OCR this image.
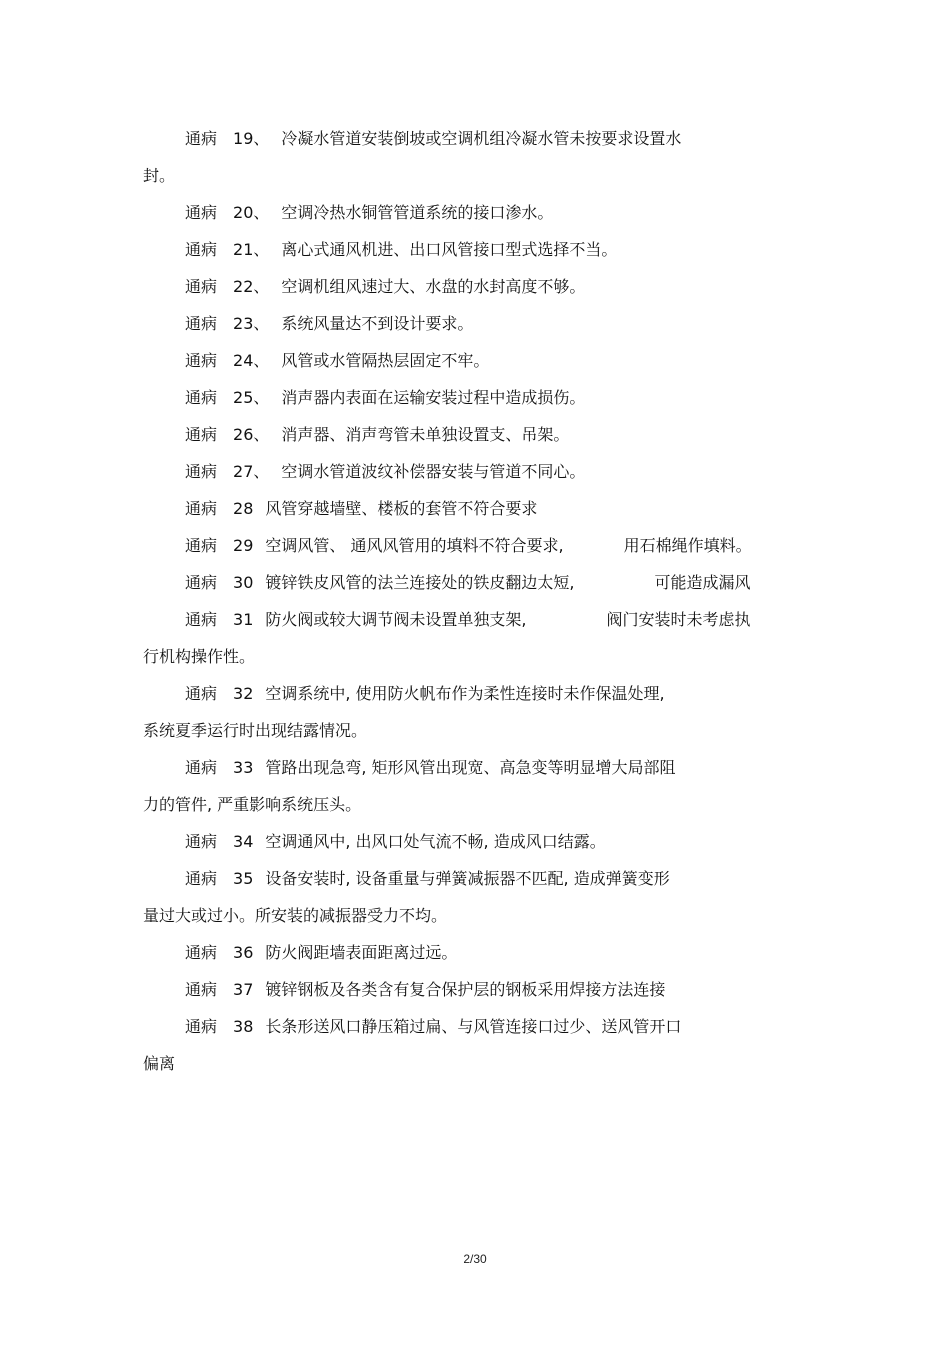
通病 19、 冷凝水管道安装倒坡或空调机组冷凝水管未按要求设置水
封。
通病 20、 空调冷热水铜管管道系统的接口渗水。
通病 21、 离心式通风机进、出口风管接口型式选择不当。
通病 22、 空调机组风速过大、水盘的水封高度不够。
通病 23、 系统风量达不到设计要求。
通病 24、 风管或水管隔热层固定不牢。
通病 25、 消声器内表面在运输安装过程中造成损伤。
通病 26、 消声器、消声弯管未单独设置支、吊架。
通病 27、 空调水管道波纹补偿器安装与管道不同心。
通病 28 风管穿越墙壁、楼板的套管不符合要求
通病 29 空调风管、 通风风管用的填料不符合要求,	用石棉绳作填料。
通病 30 镀锌铁皮风管的法兰连接处的铁皮翻边太短,	可能造成漏风
通病 31 防火阀或较大调节阀未设置单独支架,	阀门安装时未考虑执
行机构操作性。
通病 32 空调系统中, 使用防火帆布作为柔性连接时未作保温处理,
系统夏季运行时出现结露情况。
通病 33 管路出现急弯, 矩形风管出现宽、高急变等明显增大局部阻
力的管件, 严重影响系统压头。
通病 34 空调通风中, 出风口处气流不畅, 造成风口结露。
通病 35 设备安装时, 设备重量与弹簧减振器不匹配, 造成弹簧变形
量过大或过小。所安装的减振器受力不均。
通病 36 防火阀距墙表面距离过远。
通病 37 镀锌钢板及各类含有复合保护层的钢板采用焊接方法连接
通病 38 长条形送风口静压箱过扁、与风管连接口过少、送风管开口
偏离
2/30
